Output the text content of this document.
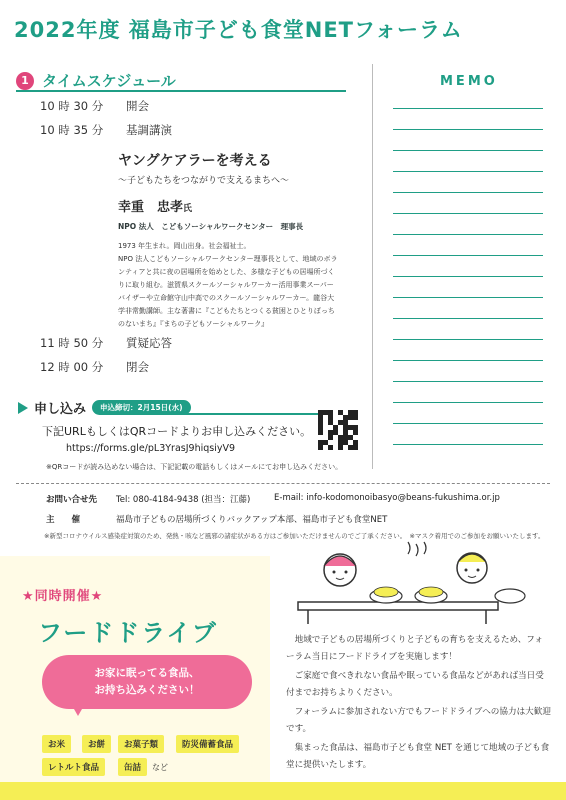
2022年度 福島市子ども食堂NETフォーラム
1 タイムスケジュール
10 時 30 分	開会
10 時 35 分	基調講演
ヤングケアラーを考える
～子どもたちをつながりで支えるまちへ～
幸重　忠孝氏
NPO 法人　こどもソーシャルワークセンター　理事長
1973 年生まれ。岡山出身。社会福祉士。
NPO 法人こどもソーシャルワークセンター理事長として、地域のボラ
ンティアと共に夜の居場所を始めとした、多様な子どもの居場所づく
りに取り組む。滋賀県スクールソーシャルワーカー活用事業スーパー
バイザーや立命館守山中高でのスクールソーシャルワーカー。龍谷大
学非常勤講師。主な著書に『こどもたちとつくる貧困とひとりぼっち
のないまち』『まちの子どもソーシャルワーク』
11 時 50 分	質疑応答
12 時 00 分	閉会
MEMO
申し込み	申込締切：2月15日(水)
下記URLもしくはQRコードよりお申し込みください。
https://forms.gle/pL3YrasJ9hiqsiyV9
※QRコードが読み込めない場合は、下記記載の電話もしくはメールにてお申し込みください。
お問い合せ先	Tel: 080-4184-9438 (担当：江藤)	E-mail: info-kodomonoibasyo@beans-fukushima.or.jp
主　　催	福島市子どもの居場所づくりバックアップ本部、福島市子ども食堂NET
※新型コロナウイルス感染症対策のため、発熱・咳など風邪の諸症状がある方はご参加いただけませんのでご了承ください。　※マスク着用でのご参加をお願いいたします。
★同時開催★
フードドライブ
お家に眠ってる食品、
お持ち込みください！
お米	お餅	お菓子類	防災備蓄食品
レトルト食品	缶詰	など

地域で子どもの居場所づくりと子どもの育ちを支えるため、フォーラム当日にフードドライブを実施します！

ご家庭で食べきれない食品や眠っている食品などがあれば当日受付までお持ちよりください。

フォーラムに参加されない方でもフードドライブへの協力は大歓迎です。

集まった食品は、福島市子ども食堂 NET を通じて地域の子ども食堂に提供いたします。
